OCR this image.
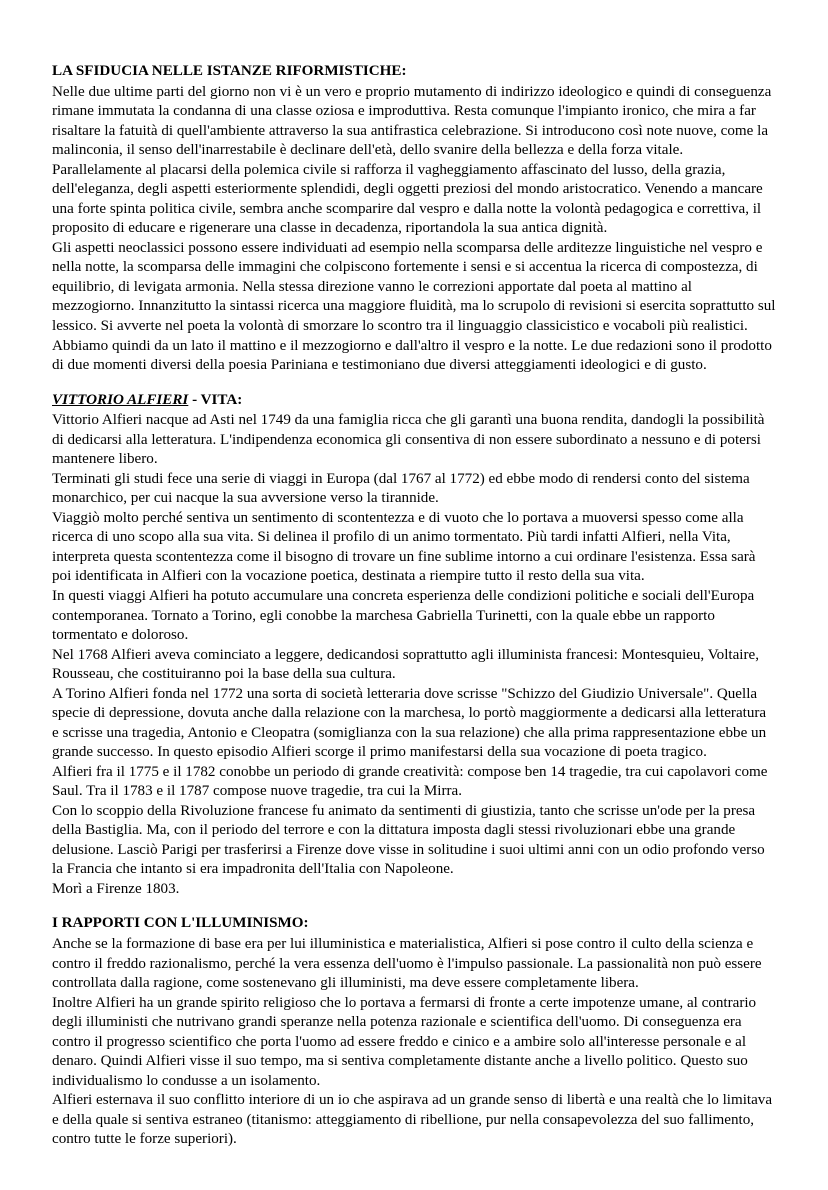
LA SFIDUCIA NELLE ISTANZE RIFORMISTICHE:

Nelle due ultime parti del giorno non vi è un vero e proprio mutamento di indirizzo ideologico e quindi di conseguenza rimane immutata la condanna di una classe oziosa e improduttiva. Resta comunque l'impianto ironico, che mira a far risaltare la fatuità di quell'ambiente attraverso la sua antifrastica celebrazione. Si introducono così note nuove, come la malinconia, il senso dell'inarrestabile è declinare dell'età, dello svanire della bellezza e della forza vitale.

Parallelamente al placarsi della polemica civile si rafforza il vagheggiamento affascinato del lusso, della grazia, dell'eleganza, degli aspetti esteriormente splendidi, degli oggetti preziosi del mondo aristocratico. Venendo a mancare una forte spinta politica civile, sembra anche scomparire dal vespro e dalla notte la volontà pedagogica e correttiva, il proposito di educare e rigenerare una classe in decadenza, riportandola la sua antica dignità.

Gli aspetti neoclassici possono essere individuati ad esempio nella scomparsa delle arditezze linguistiche nel vespro e nella notte, la scomparsa delle immagini che colpiscono fortemente i sensi e si accentua la ricerca di compostezza, di equilibrio, di levigata armonia. Nella stessa direzione vanno le correzioni apportate dal poeta al mattino al mezzogiorno. Innanzitutto la sintassi ricerca una maggiore fluidità, ma lo scrupolo di revisioni si esercita soprattutto sul lessico. Si avverte nel poeta la volontà di smorzare lo scontro tra il linguaggio classicistico e vocaboli più realistici. Abbiamo quindi da un lato il mattino e il mezzogiorno e dall'altro il vespro e la notte. Le due redazioni sono il prodotto di due momenti diversi della poesia Pariniana e testimoniano due diversi atteggiamenti ideologici e di gusto.

VITTORIO ALFIERI - VITA:

Vittorio Alfieri nacque ad Asti nel 1749 da una famiglia ricca che gli garantì una buona rendita, dandogli la possibilità di dedicarsi alla letteratura. L'indipendenza economica gli consentiva di non essere subordinato a nessuno e di potersi mantenere libero.

Terminati gli studi fece una serie di viaggi in Europa (dal 1767 al 1772) ed ebbe modo di rendersi conto del sistema monarchico, per cui nacque la sua avversione verso la tirannide.

Viaggiò molto perché sentiva un sentimento di scontentezza e di vuoto che lo portava a muoversi spesso come alla ricerca di uno scopo alla sua vita. Si delinea il profilo di un animo tormentato. Più tardi infatti Alfieri, nella Vita, interpreta questa scontentezza come il bisogno di trovare un fine sublime intorno a cui ordinare l'esistenza. Essa sarà poi identificata in Alfieri con la vocazione poetica, destinata a riempire tutto il resto della sua vita.

In questi viaggi Alfieri ha potuto accumulare una concreta esperienza delle condizioni politiche e sociali dell'Europa contemporanea. Tornato a Torino, egli conobbe la marchesa Gabriella Turinetti, con la quale ebbe un rapporto tormentato e doloroso.

Nel 1768 Alfieri aveva cominciato a leggere, dedicandosi soprattutto agli illuminista francesi: Montesquieu, Voltaire, Rousseau, che costituiranno poi la base della sua cultura.

A Torino Alfieri fonda nel 1772 una sorta di società letteraria dove scrisse "Schizzo del Giudizio Universale". Quella specie di depressione, dovuta anche dalla relazione con la marchesa, lo portò maggiormente a dedicarsi alla letteratura e scrisse una tragedia, Antonio e Cleopatra (somiglianza con la sua relazione) che alla prima rappresentazione ebbe un grande successo. In questo episodio Alfieri scorge il primo manifestarsi della sua vocazione di poeta tragico.

Alfieri fra il 1775 e il 1782 conobbe un periodo di grande creatività: compose ben 14 tragedie, tra cui capolavori come Saul. Tra il 1783 e il 1787 compose nuove tragedie, tra cui la Mirra.

Con lo scoppio della Rivoluzione francese fu animato da sentimenti di giustizia, tanto che scrisse un'ode per la presa della Bastiglia. Ma, con il periodo del terrore e con la dittatura imposta dagli stessi rivoluzionari ebbe una grande delusione. Lasciò Parigi per trasferirsi a Firenze dove visse in solitudine i suoi ultimi anni con un odio profondo verso la Francia che intanto si era impadronita dell'Italia con Napoleone.

Morì a Firenze 1803.

I RAPPORTI CON L'ILLUMINISMO:

Anche se la formazione di base era per lui illuministica e materialistica, Alfieri si pose contro il culto della scienza e contro il freddo razionalismo, perché la vera essenza dell'uomo è l'impulso passionale. La passionalità non può essere controllata dalla ragione, come sostenevano gli illuministi, ma deve essere completamente libera.

Inoltre Alfieri ha un grande spirito religioso che lo portava a fermarsi di fronte a certe impotenze umane, al contrario degli illuministi che nutrivano grandi speranze nella potenza razionale e scientifica dell'uomo. Di conseguenza era contro il progresso scientifico che porta l'uomo ad essere freddo e cinico e a ambire solo all'interesse personale e al denaro. Quindi Alfieri visse il suo tempo, ma si sentiva completamente distante anche a livello politico. Questo suo individualismo lo condusse a un isolamento.

Alfieri esternava il suo conflitto interiore di un io che aspirava ad un grande senso di libertà e una realtà che lo limitava e della quale si sentiva estraneo (titanismo: atteggiamento di ribellione, pur nella consapevolezza del suo fallimento, contro tutte le forze superiori).
